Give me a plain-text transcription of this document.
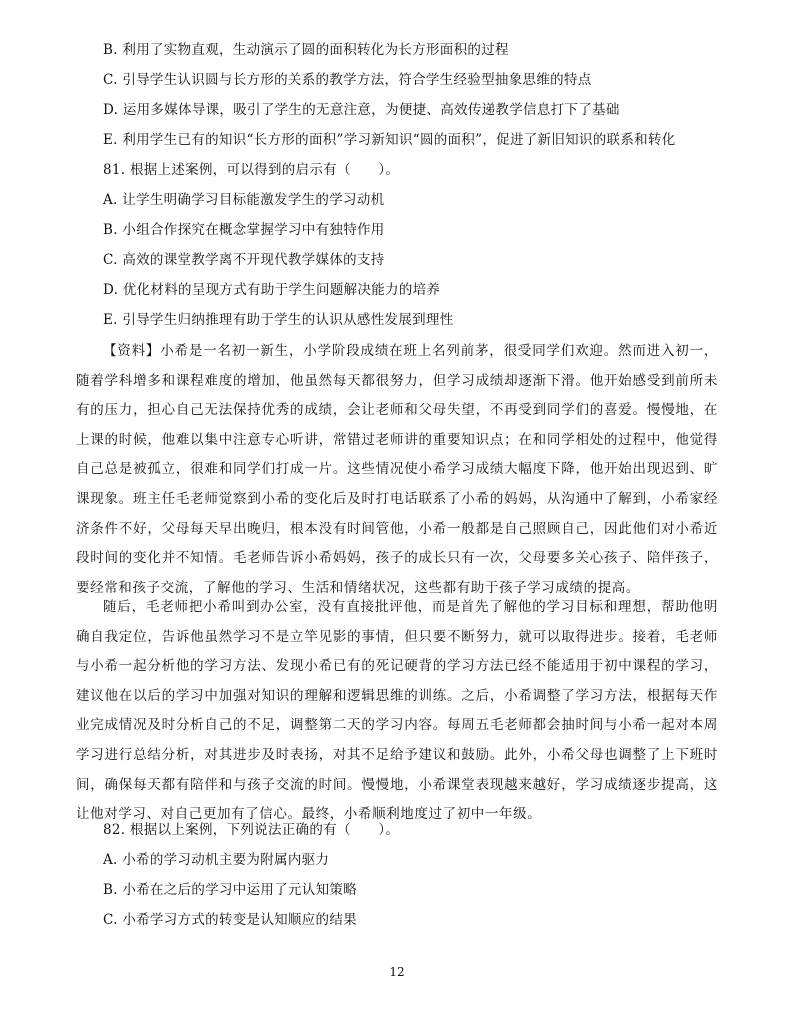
B. 利用了实物直观，生动演示了圆的面积转化为长方形面积的过程
C. 引导学生认识圆与长方形的关系的教学方法，符合学生经验型抽象思维的特点
D. 运用多媒体导课，吸引了学生的无意注意，为便捷、高效传递教学信息打下了基础
E. 利用学生已有的知识“长方形的面积”学习新知识“圆的面积”，促进了新旧知识的联系和转化
81. 根据上述案例，可以得到的启示有（　　）。
A. 让学生明确学习目标能激发学生的学习动机
B. 小组合作探究在概念掌握学习中有独特作用
C. 高效的课堂教学离不开现代教学媒体的支持
D. 优化材料的呈现方式有助于学生问题解决能力的培养
E. 引导学生归纳推理有助于学生的认识从感性发展到理性

【资料】小希是一名初一新生，小学阶段成绩在班上名列前茅，很受同学们欢迎。然而进入初一，随着学科增多和课程难度的增加，他虽然每天都很努力，但学习成绩却逐渐下滑。他开始感受到前所未有的压力，担心自己无法保持优秀的成绩，会让老师和父母失望，不再受到同学们的喜爱。慢慢地，在上课的时候，他难以集中注意专心听讲，常错过老师讲的重要知识点；在和同学相处的过程中，他觉得自己总是被孤立，很难和同学们打成一片。这些情况使小希学习成绩大幅度下降，他开始出现迟到、旷课现象。班主任毛老师觉察到小希的变化后及时打电话联系了小希的妈妈，从沟通中了解到，小希家经济条件不好，父母每天早出晚归，根本没有时间管他，小希一般都是自己照顾自己，因此他们对小希近段时间的变化并不知情。毛老师告诉小希妈妈，孩子的成长只有一次，父母要多关心孩子、陪伴孩子，要经常和孩子交流，了解他的学习、生活和情绪状况，这些都有助于孩子学习成绩的提高。

随后，毛老师把小希叫到办公室，没有直接批评他，而是首先了解他的学习目标和理想，帮助他明确自我定位，告诉他虽然学习不是立竿见影的事情，但只要不断努力，就可以取得进步。接着，毛老师与小希一起分析他的学习方法、发现小希已有的死记硬背的学习方法已经不能适用于初中课程的学习，建议他在以后的学习中加强对知识的理解和逻辑思维的训练。之后，小希调整了学习方法，根据每天作业完成情况及时分析自己的不足，调整第二天的学习内容。每周五毛老师都会抽时间与小希一起对本周学习进行总结分析，对其进步及时表扬，对其不足给予建议和鼓励。此外，小希父母也调整了上下班时间，确保每天都有陪伴和与孩子交流的时间。慢慢地，小希课堂表现越来越好，学习成绩逐步提高，这让他对学习、对自己更加有了信心。最终，小希顺利地度过了初中一年级。

82. 根据以上案例，下列说法正确的有（　　）。
A. 小希的学习动机主要为附属内驱力
B. 小希在之后的学习中运用了元认知策略
C. 小希学习方式的转变是认知顺应的结果
12
